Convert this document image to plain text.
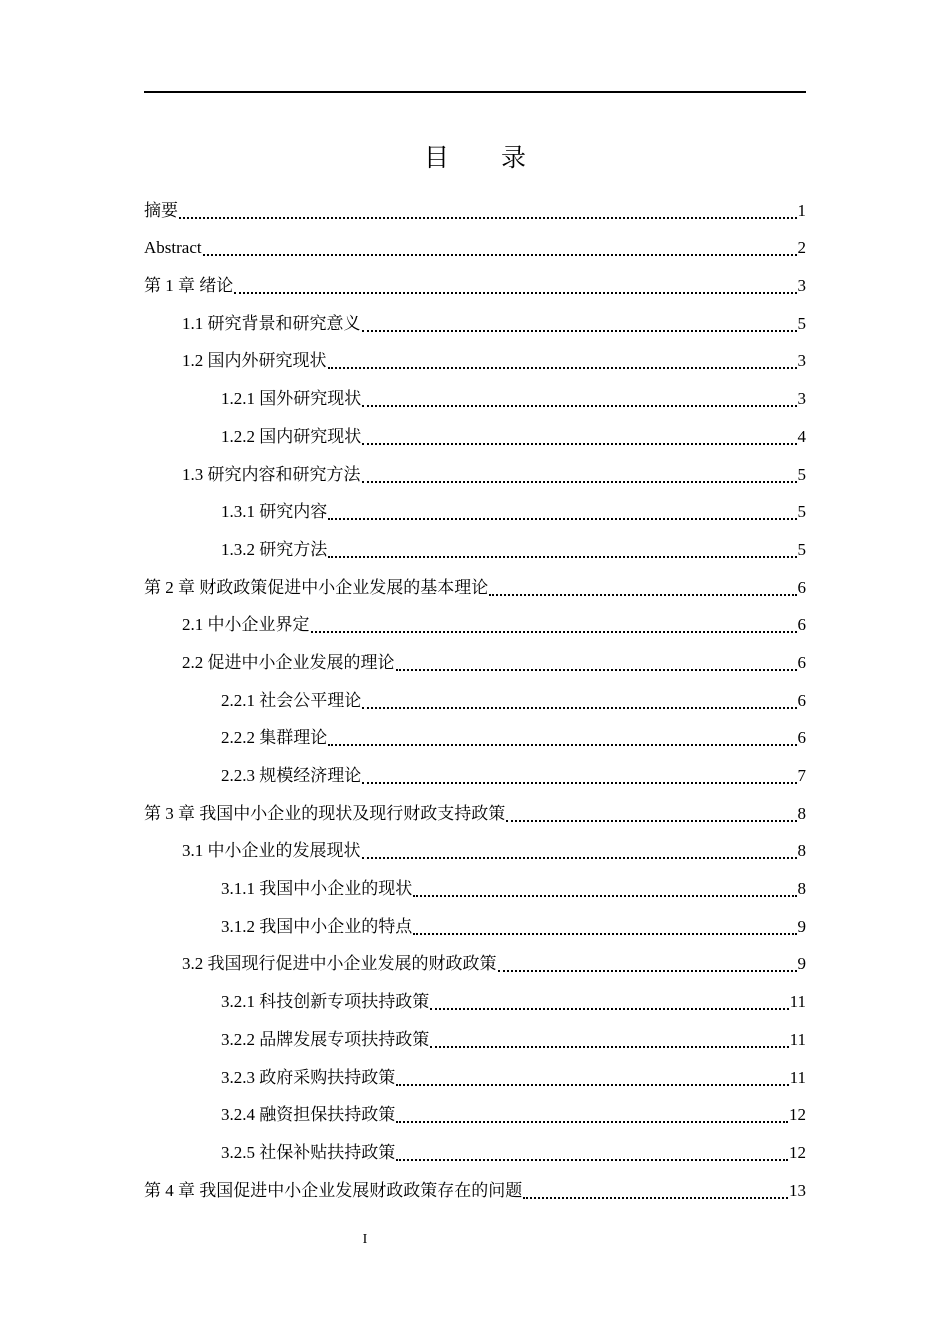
目 录
摘要	1
Abstract	2
第 1 章 绪论	3
1.1 研究背景和研究意义	5
1.2 国内外研究现状	3
1.2.1 国外研究现状	3
1.2.2 国内研究现状	4
1.3 研究内容和研究方法	5
1.3.1 研究内容	5
1.3.2 研究方法	5
第 2 章 财政政策促进中小企业发展的基本理论	6
2.1 中小企业界定	6
2.2 促进中小企业发展的理论	6
2.2.1 社会公平理论	6
2.2.2 集群理论	6
2.2.3 规模经济理论	7
第 3 章 我国中小企业的现状及现行财政支持政策	8
3.1 中小企业的发展现状	8
3.1.1 我国中小企业的现状	8
3.1.2 我国中小企业的特点	9
3.2 我国现行促进中小企业发展的财政政策	9
3.2.1 科技创新专项扶持政策	11
3.2.2 品牌发展专项扶持政策	11
3.2.3 政府采购扶持政策	11
3.2.4 融资担保扶持政策	12
3.2.5 社保补贴扶持政策	12
第 4 章 我国促进中小企业发展财政政策存在的问题	13
I
